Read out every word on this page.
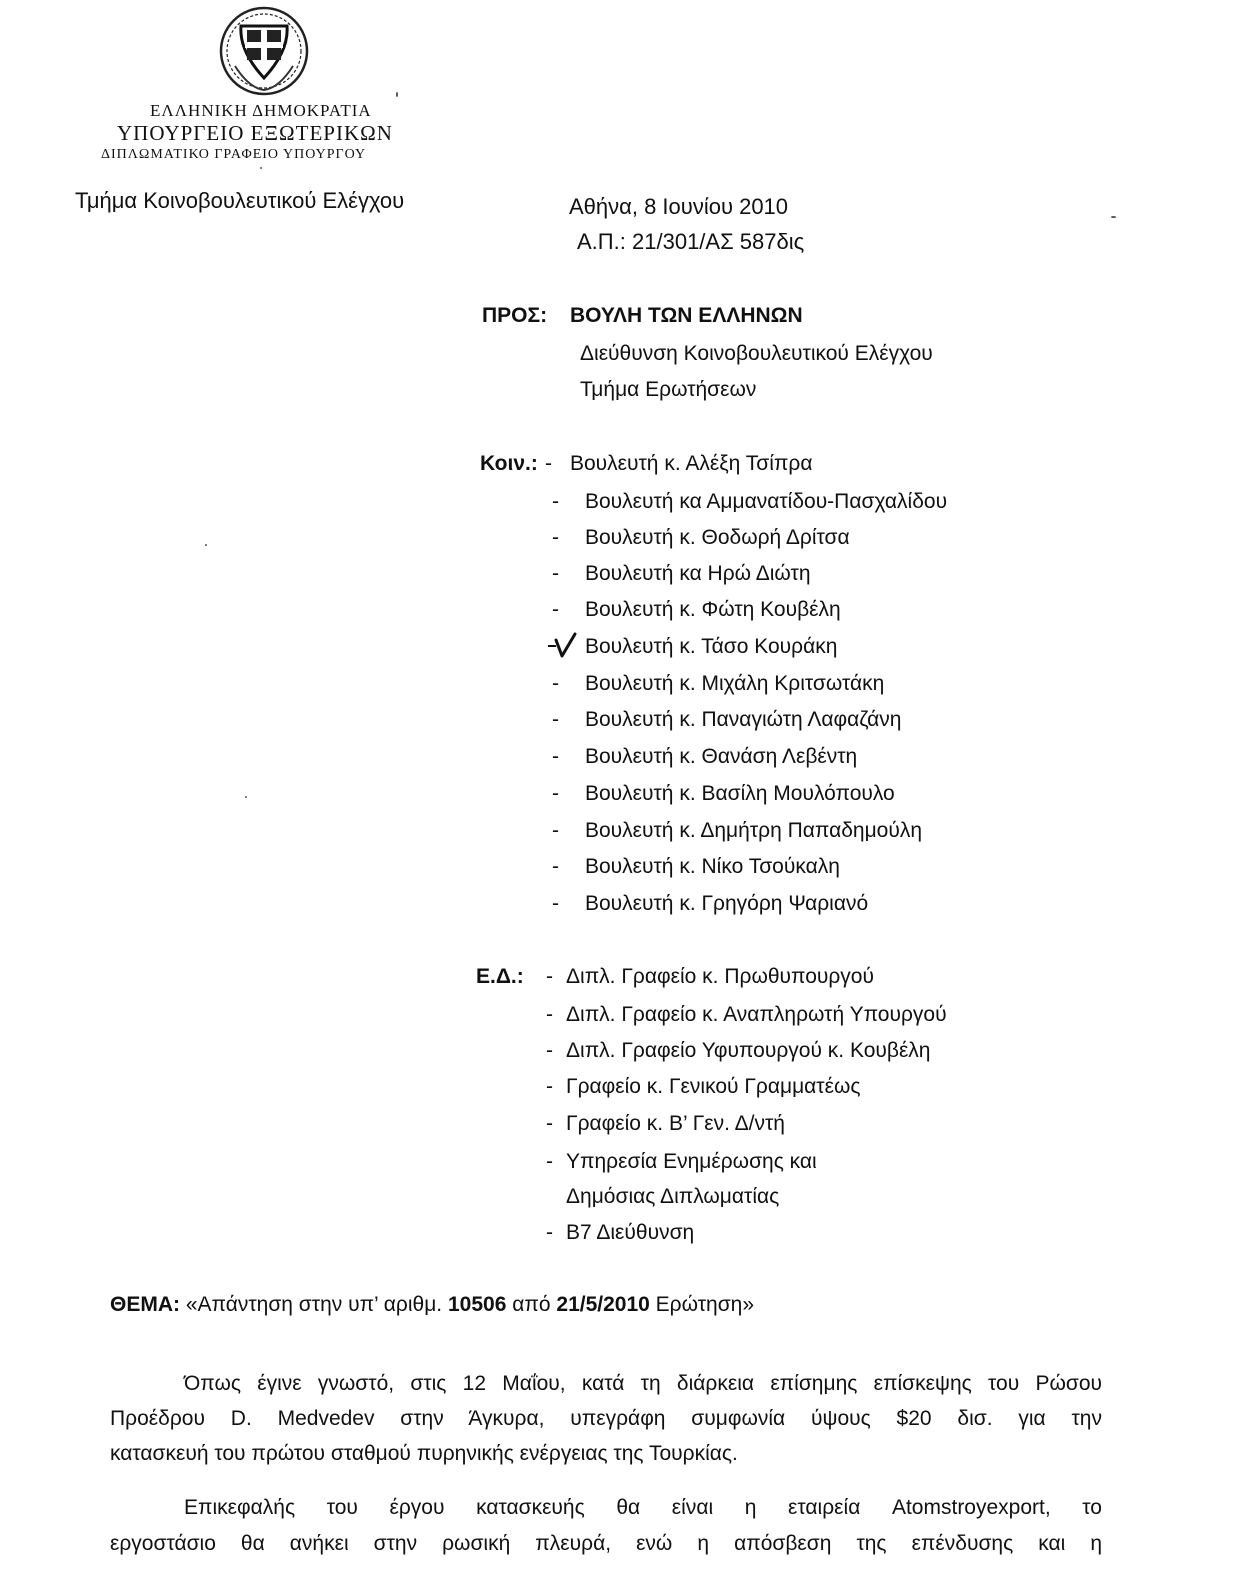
ΕΛΛΗΝΙΚΗ ΔΗΜΟΚΡΑΤΙΑ
ΥΠΟΥΡΓΕΙΟ ΕΞΩΤΕΡΙΚΩΝ
ΔΙΠΛΩΜΑΤΙΚΟ ΓΡΑΦΕΙΟ ΥΠΟΥΡΓΟΥ
Τμήμα Κοινοβουλευτικού Ελέγχου	Αθήνα, 8 Ιουνίου 2010
Α.Π.: 21/301/ΑΣ 587δις
ΠΡΟΣ: ΒΟΥΛΗ ΤΩΝ ΕΛΛΗΝΩΝ
Διεύθυνση Κοινοβουλευτικού Ελέγχου
Τμήμα Ερωτήσεων
Κοιν.: - Βουλευτή κ. Αλέξη Τσίπρα
- Βουλευτή κα Αμμανατίδου-Πασχαλίδου
- Βουλευτή κ. Θοδωρή Δρίτσα
- Βουλευτή κα Ηρώ Διώτη
- Βουλευτή κ. Φώτη Κουβέλη
Βουλευτή κ. Τάσο Κουράκη
- Βουλευτή κ. Μιχάλη Κριτσωτάκη
- Βουλευτή κ. Παναγιώτη Λαφαζάνη
- Βουλευτή κ. Θανάση Λεβέντη
- Βουλευτή κ. Βασίλη Μουλόπουλο
- Βουλευτή κ. Δημήτρη Παπαδημούλη
- Βουλευτή κ. Νίκο Τσούκαλη
- Βουλευτή κ. Γρηγόρη Ψαριανό
Ε.Δ.: - Διπλ. Γραφείο κ. Πρωθυπουργού
- Διπλ. Γραφείο κ. Αναπληρωτή Υπουργού
- Διπλ. Γραφείο Υφυπουργού κ. Κουβέλη
- Γραφείο κ. Γενικού Γραμματέως
- Γραφείο κ. Β’ Γεν. Δ/ντή
- Υπηρεσία Ενημέρωσης και
Δημόσιας Διπλωματίας
- Β7 Διεύθυνση
ΘΕΜΑ: «Απάντηση στην υπ’ αριθμ. 10506 από 21/5/2010 Ερώτηση»
Όπως έγινε γνωστό, στις 12 Μαΐου, κατά τη διάρκεια επίσημης επίσκεψης του Ρώσου
Προέδρου D. Medvedev στην Άγκυρα, υπεγράφη συμφωνία ύψους $20 δισ. για την
κατασκευή του πρώτου σταθμού πυρηνικής ενέργειας της Τουρκίας.
Επικεφαλής του έργου κατασκευής θα είναι η εταιρεία Atomstroyexport, το
εργοστάσιο θα ανήκει στην ρωσική πλευρά, ενώ η απόσβεση της επένδυσης και η
